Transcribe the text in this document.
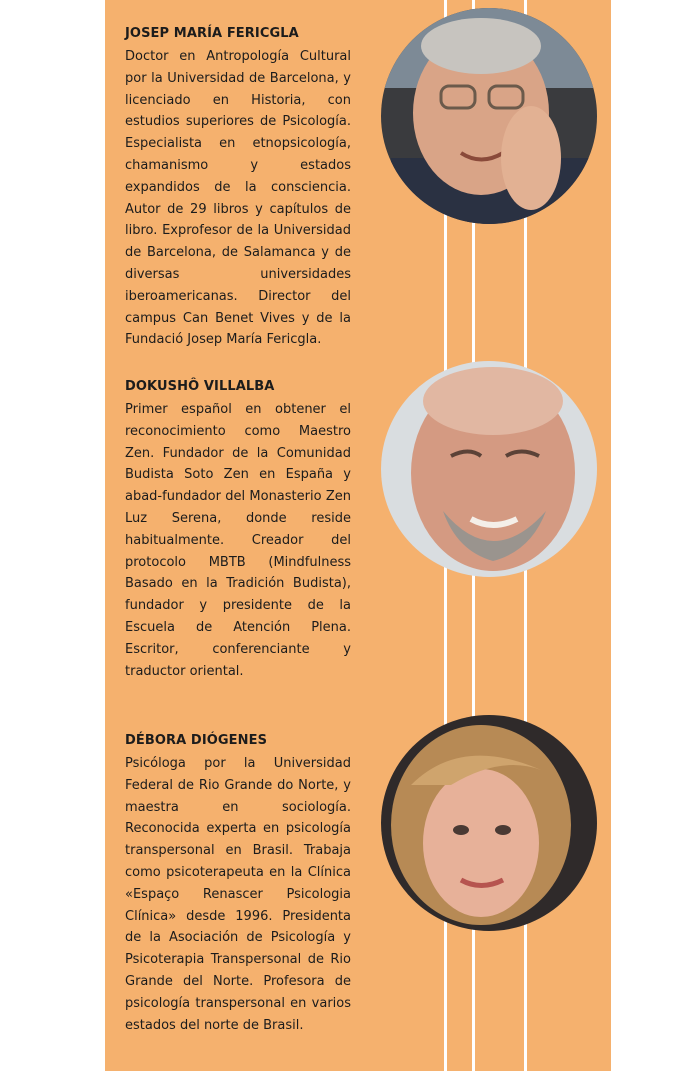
JOSEP MARÍA FERICGLA

Doctor en Antropología Cultural por la Universidad de Barcelona, y licenciado en Historia, con estudios superiores de Psicología. Especialista en etnopsicología, chamanismo y estados expandidos de la consciencia. Autor de 29 libros y capítulos de libro. Exprofesor de la Universidad de Barcelona, de Salamanca y de diversas universidades iberoamericanas. Director del campus Can Benet Vives y de la Fundació Josep María Fericgla.

DOKUSHÔ VILLALBA

Primer español en obtener el reconocimiento como Maestro Zen. Fundador de la Comunidad Budista Soto Zen en España y abad-fundador del Monasterio Zen Luz Serena, donde reside habitualmente. Creador del protocolo MBTB (Mindfulness Basado en la Tradición Budista), fundador y presidente de la Escuela de Atención Plena. Escritor, conferenciante y traductor oriental.

DÉBORA DIÓGENES

Psicóloga por la Universidad Federal de Rio Grande do Norte, y maestra en sociología. Reconocida experta en psicología transpersonal en Brasil. Trabaja como psicoterapeuta en la Clínica «Espaço Renascer Psicologia Clínica» desde 1996. Presidenta de la Asociación de Psicología y Psicoterapia Transpersonal de Rio Grande del Norte. Profesora de psicología transpersonal en varios estados del norte de Brasil.
